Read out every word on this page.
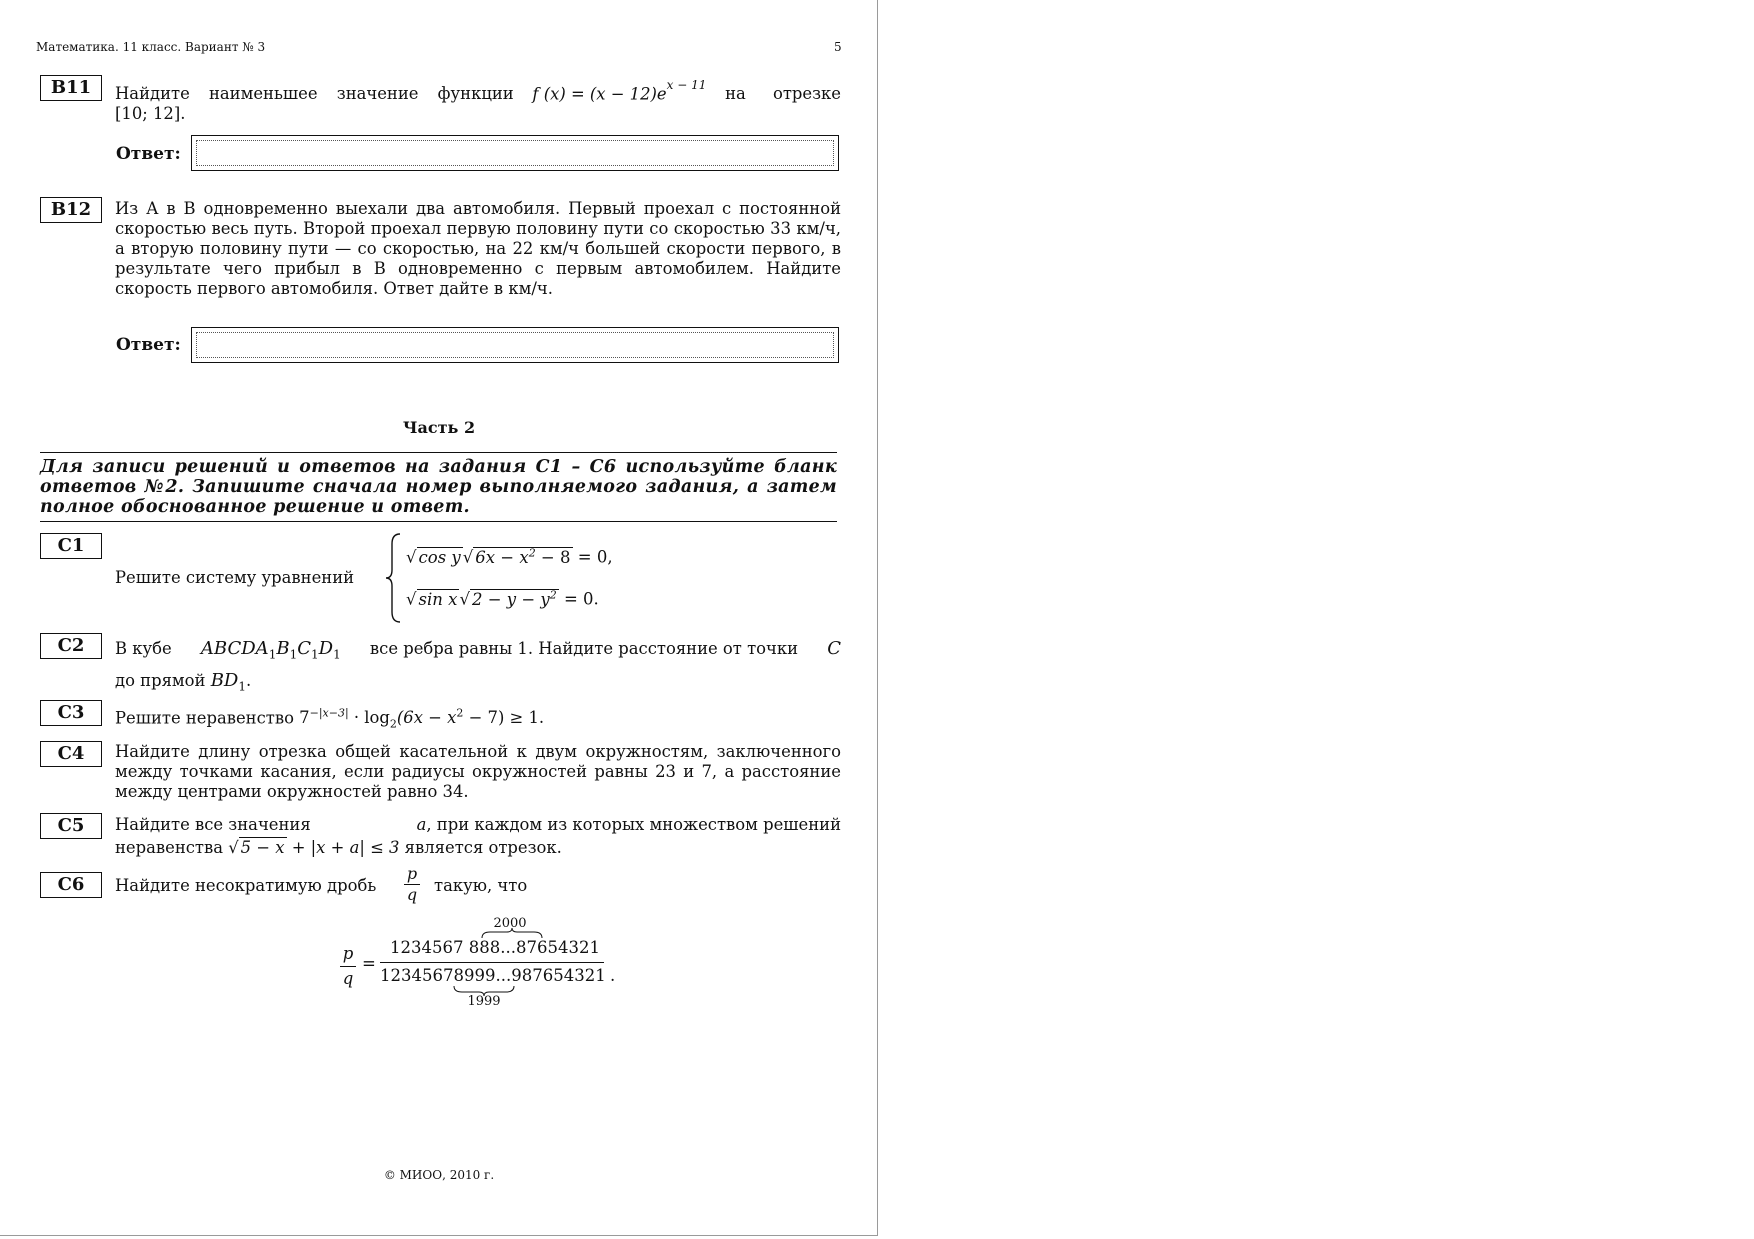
Математика. 11 класс. Вариант № 3	5
B11	Найдите наименьшее значение функции f $(x) = (x - 12)e^{x - 11}$ на отрезке
[10; 12].
Ответ:
B12	Из А в В одновременно выехали два автомобиля. Первый проехал с постоянной скоростью весь путь. Второй проехал первую половину пути со скоростью 33 км/ч, а вторую половину пути — со скоростью, на 22 км/ч большей скорости первого, в результате чего прибыл в В одновременно с первым автомобилем. Найдите скорость первого автомобиля. Ответ дайте в км/ч.
Ответ:
Часть 2
Для записи решений и ответов на задания С1 – С6 используйте бланк ответов №2. Запишите сначала номер выполняемого задания, а затем полное обоснованное решение и ответ.
C1
Решите систему уравнений
√ cos y √ $6x - x^2 - 8 = 0$,
√ sin x √ $2 - y - y^2 = 0$.
C2	В кубе $ABCDA_1B_1C_1D_1$ все ребра равны 1. Найдите расстояние от точки C
до прямой $BD_1$.
C3	Решите неравенство $7^{-|x-3|} \cdot \log_2(6x - x^2 - 7) \ge 1$.
C4	Найдите длину отрезка общей касательной к двум окружностям, заключенного между точками касания, если радиусы окружностей равны 23 и 7, а расстояние между центрами окружностей равно 34.
C5	Найдите все значения	a, при каждом из которых множеством решений
неравенства √ 5 − x + |x + a| ≤ 3 является отрезок.
C6	Найдите несократимую дробь $\frac{p}{q}$ такую, что
$\frac{p}{q}$ =
2000
1234567 888...87654321
12345678999...987654321
1999
.
© МИОО, 2010 г.
